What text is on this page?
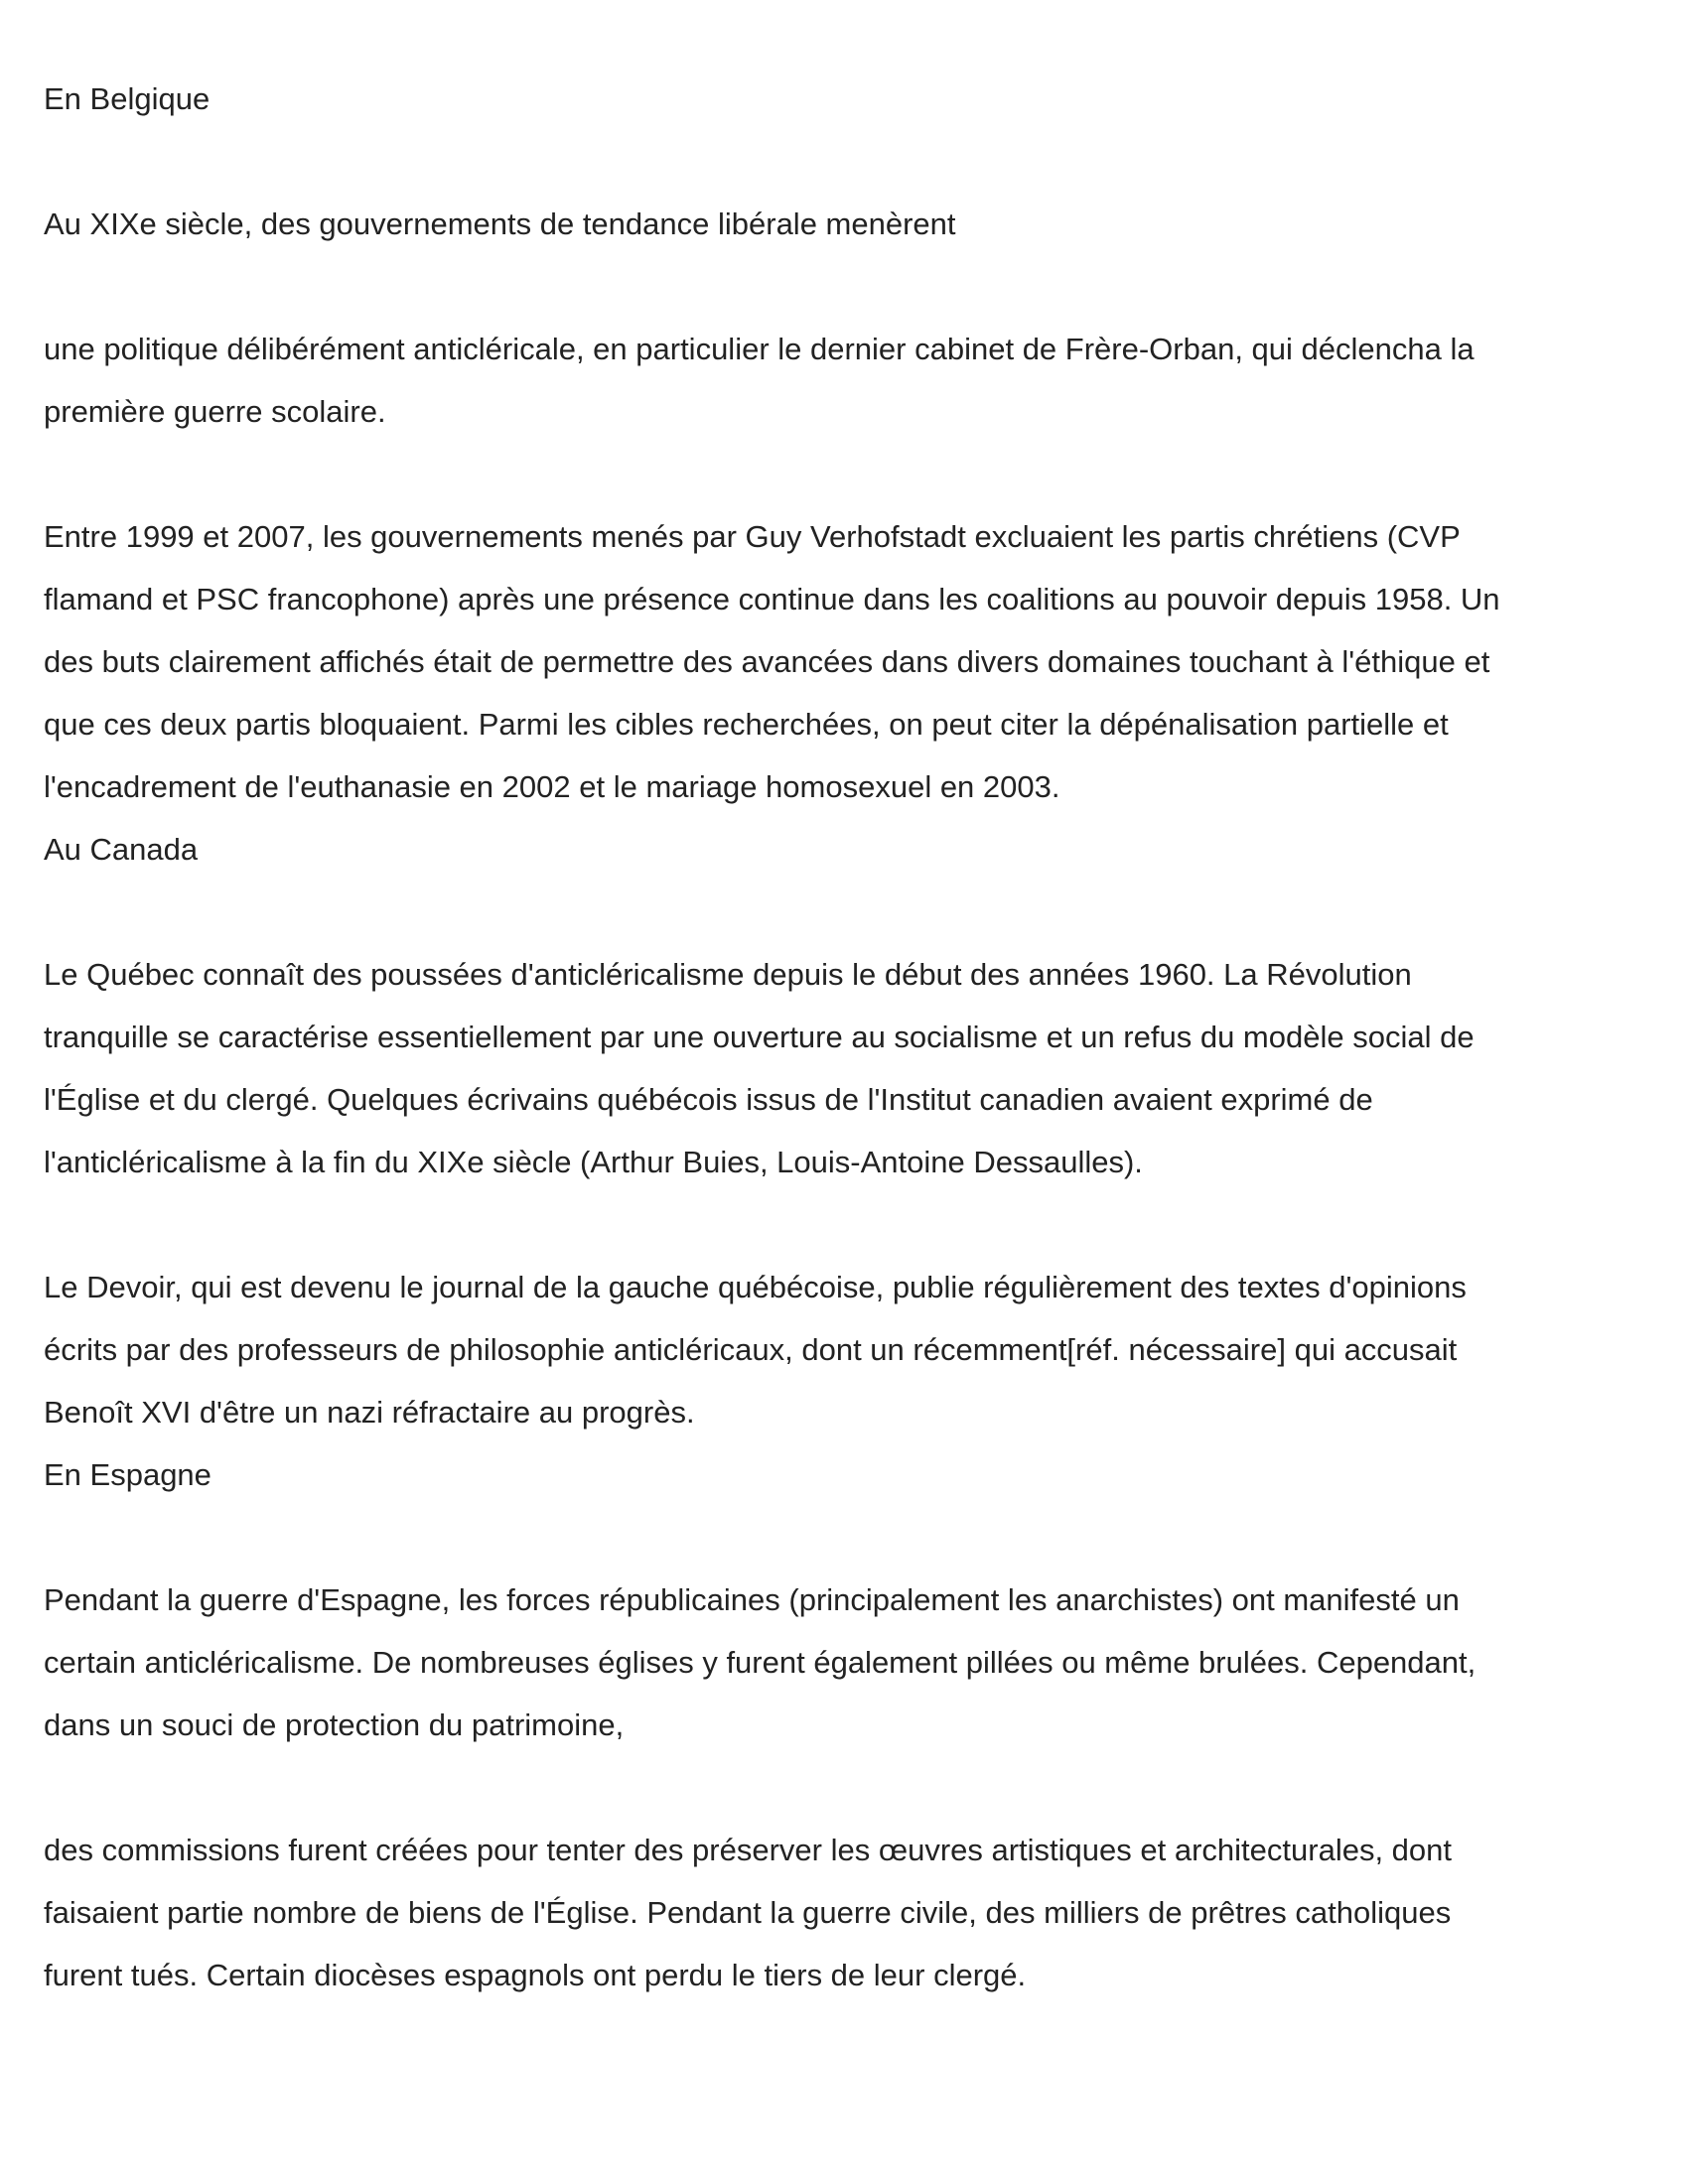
En Belgique

Au XIXe siècle, des gouvernements de tendance libérale menèrent

une politique délibérément anticléricale, en particulier le dernier cabinet de Frère-Orban, qui déclencha la

première guerre scolaire.

Entre 1999 et 2007, les gouvernements menés par Guy Verhofstadt excluaient les partis chrétiens (CVP

flamand et PSC francophone) après une présence continue dans les coalitions au pouvoir depuis 1958. Un

des buts clairement affichés était de permettre des avancées dans divers domaines touchant à l'éthique et

que ces deux partis bloquaient. Parmi les cibles recherchées, on peut citer la dépénalisation partielle et

l'encadrement de l'euthanasie en 2002 et le mariage homosexuel en 2003.

Au Canada

Le Québec connaît des poussées d'anticléricalisme depuis le début des années 1960. La Révolution

tranquille se caractérise essentiellement par une ouverture au socialisme et un refus du modèle social de

l'Église et du clergé. Quelques écrivains québécois issus de l'Institut canadien avaient exprimé de

l'anticléricalisme à la fin du XIXe siècle (Arthur Buies, Louis-Antoine Dessaulles).

Le Devoir, qui est devenu le journal de la gauche québécoise, publie régulièrement des textes d'opinions

écrits par des professeurs de philosophie anticléricaux, dont un récemment[réf. nécessaire] qui accusait

Benoît XVI d'être un nazi réfractaire au progrès.

En Espagne

Pendant la guerre d'Espagne, les forces républicaines (principalement les anarchistes) ont manifesté un

certain anticléricalisme. De nombreuses églises y furent également pillées ou même brulées. Cependant,

dans un souci de protection du patrimoine,

des commissions furent créées pour tenter des préserver les œuvres artistiques et architecturales, dont

faisaient partie nombre de biens de l'Église. Pendant la guerre civile, des milliers de prêtres catholiques

furent tués. Certain diocèses espagnols ont perdu le tiers de leur clergé.
